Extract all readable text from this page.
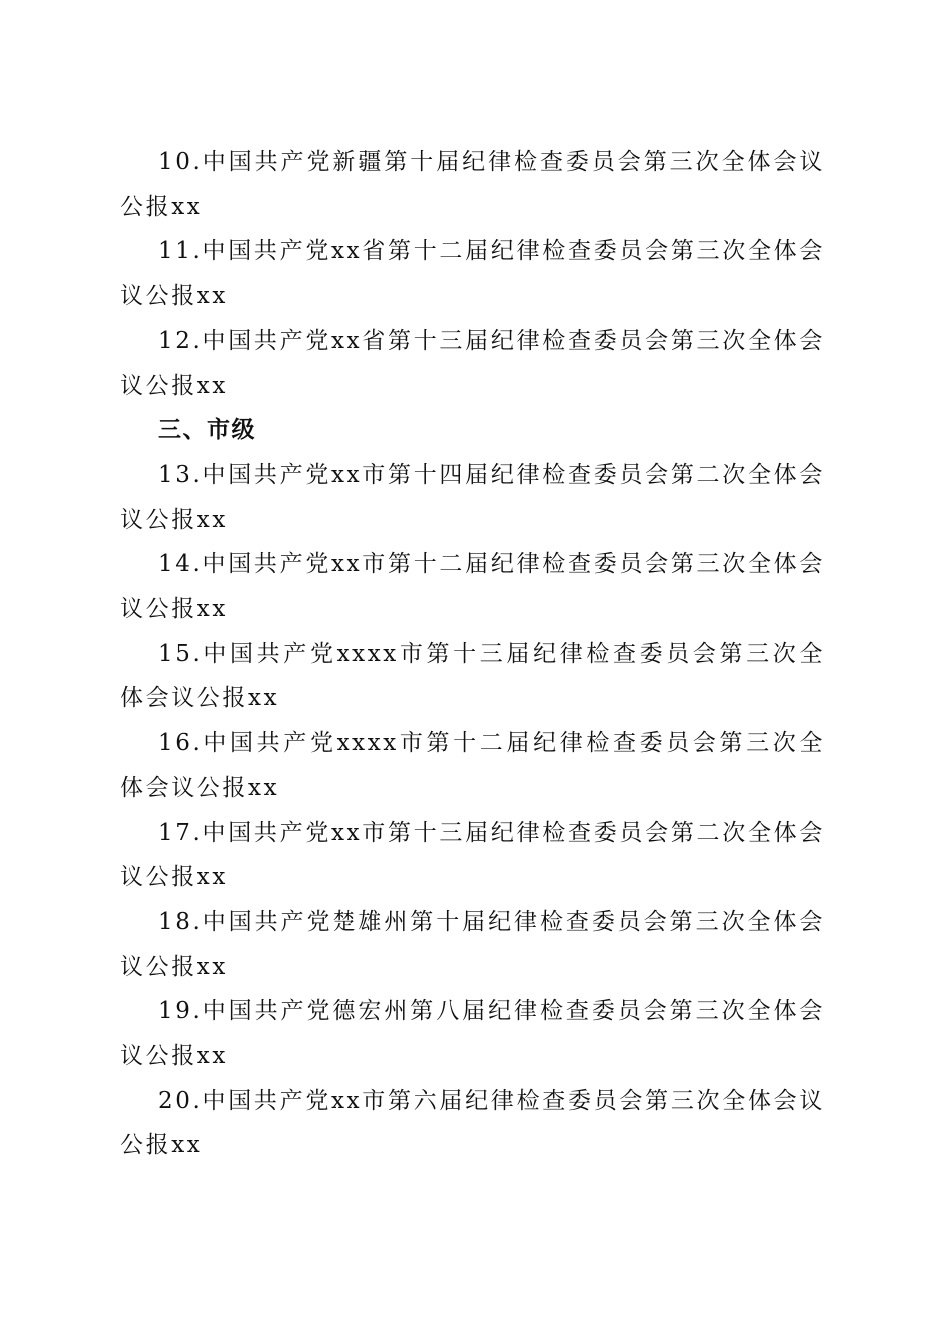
10.中国共产党新疆第十届纪律检查委员会第三次全体会议公报xx

11.中国共产党xx省第十二届纪律检查委员会第三次全体会议公报xx

12.中国共产党xx省第十三届纪律检查委员会第三次全体会议公报xx

三、市级

13.中国共产党xx市第十四届纪律检查委员会第二次全体会议公报xx

14.中国共产党xx市第十二届纪律检查委员会第三次全体会议公报xx

15.中国共产党xxxx市第十三届纪律检查委员会第三次全体会议公报xx

16.中国共产党xxxx市第十二届纪律检查委员会第三次全体会议公报xx

17.中国共产党xx市第十三届纪律检查委员会第二次全体会议公报xx

18.中国共产党楚雄州第十届纪律检查委员会第三次全体会议公报xx

19.中国共产党德宏州第八届纪律检查委员会第三次全体会议公报xx

20.中国共产党xx市第六届纪律检查委员会第三次全体会议公报xx
